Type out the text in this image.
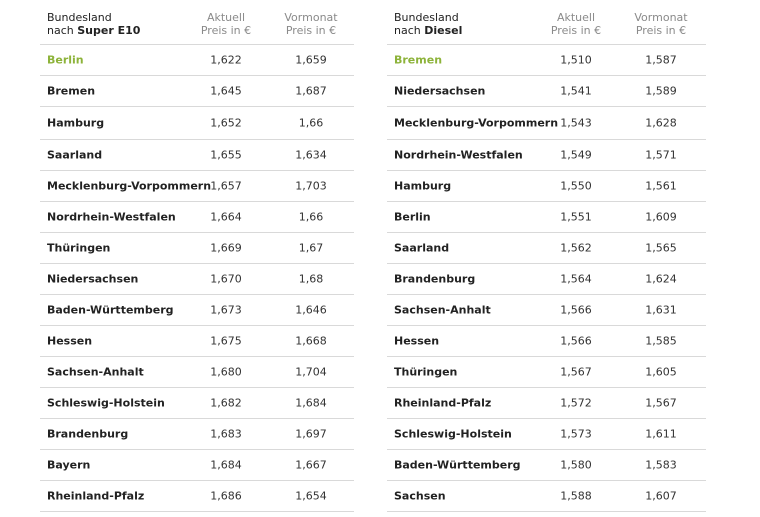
Bundesland
nach Super E10
Aktuell
Preis in €
Vormonat
Preis in €
Berlin	1,622	1,659
Bremen	1,645	1,687
Hamburg	1,652	1,66
Saarland	1,655	1,634
Mecklenburg-Vorpommern 1,657	1,703
Nordrhein-Westfalen	1,664	1,66
Thüringen	1,669	1,67
Niedersachsen	1,670	1,68
Baden-Württemberg	1,673	1,646
Hessen	1,675	1,668
Sachsen-Anhalt	1,680	1,704
Schleswig-Holstein	1,682	1,684
Brandenburg	1,683	1,697
Bayern	1,684	1,667
Rheinland-Pfalz	1,686	1,654
Bundesland
nach Diesel
Aktuell
Preis in €
Vormonat
Preis in €
Bremen	1,510	1,587
Niedersachsen	1,541	1,589
Mecklenburg-Vorpommern 1,543	1,628
Nordrhein-Westfalen	1,549	1,571
Hamburg	1,550	1,561
Berlin	1,551	1,609
Saarland	1,562	1,565
Brandenburg	1,564	1,624
Sachsen-Anhalt	1,566	1,631
Hessen	1,566	1,585
Thüringen	1,567	1,605
Rheinland-Pfalz	1,572	1,567
Schleswig-Holstein	1,573	1,611
Baden-Württemberg	1,580	1,583
Sachsen	1,588	1,607
